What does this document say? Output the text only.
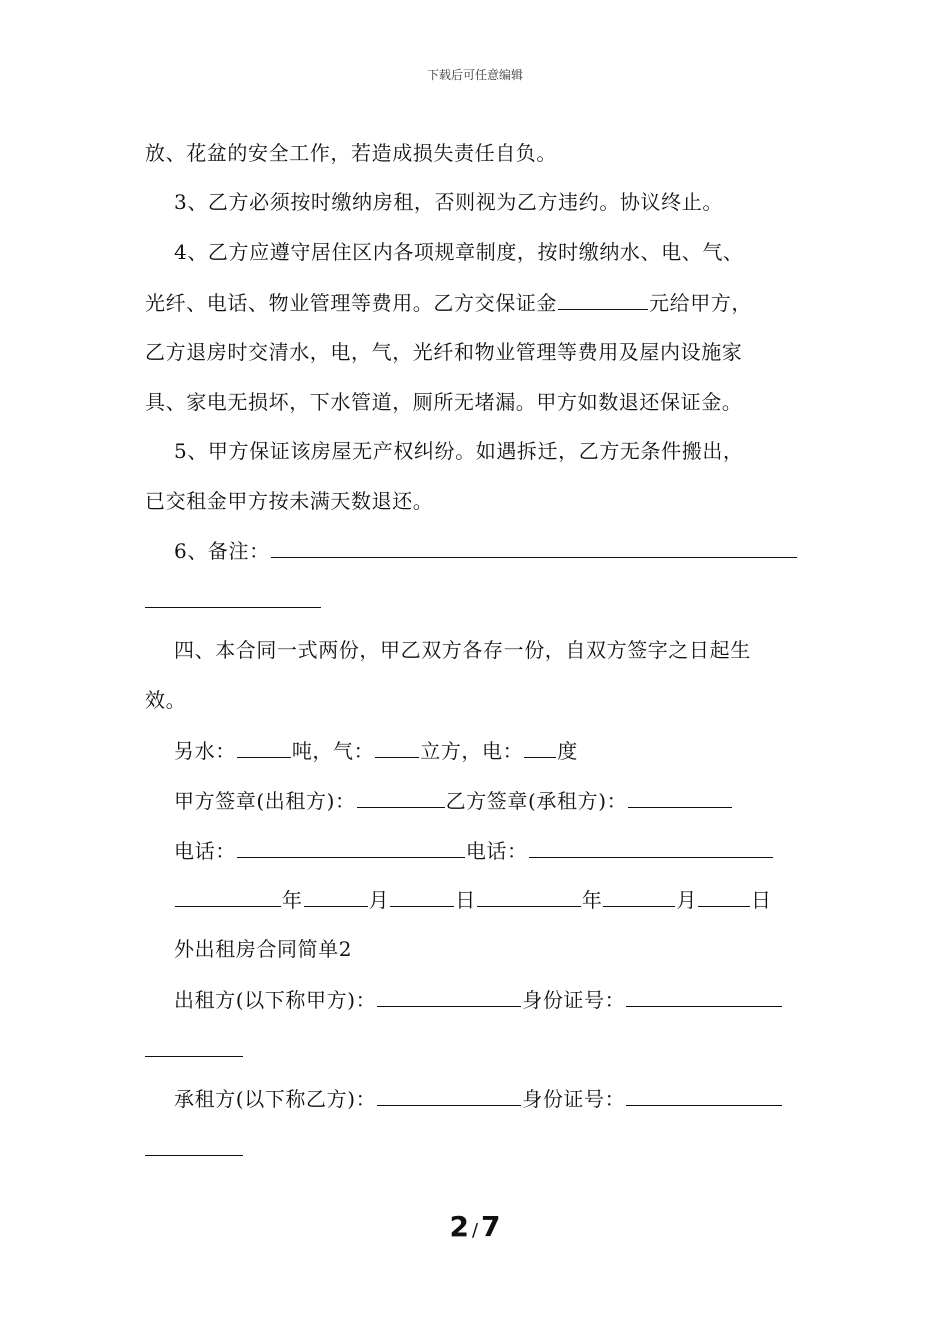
下载后可任意编辑
放、花盆的安全工作，若造成损失责任自负。
3、乙方必须按时缴纳房租，否则视为乙方违约。协议终止。
4、乙方应遵守居住区内各项规章制度，按时缴纳水、电、气、
光纤、电话、物业管理等费用。乙方交保证金	元给甲方，
乙方退房时交清水，电，气，光纤和物业管理等费用及屋内设施家
具、家电无损坏，下水管道，厕所无堵漏。甲方如数退还保证金。
5、甲方保证该房屋无产权纠纷。如遇拆迁，乙方无条件搬出，
已交租金甲方按未满天数退还。
6、备注：
四、本合同一式两份，甲乙双方各存一份，自双方签字之日起生
效。
另水：	吨，气： 立方，电： 度
甲方签章(出租方)：	乙方签章(承租方)：
电话：	电话：
年	月	日	年	月	日
外出租房合同简单2
出租方(以下称甲方)：	身份证号：
承租方(以下称乙方)：	身份证号：
2 / 7
